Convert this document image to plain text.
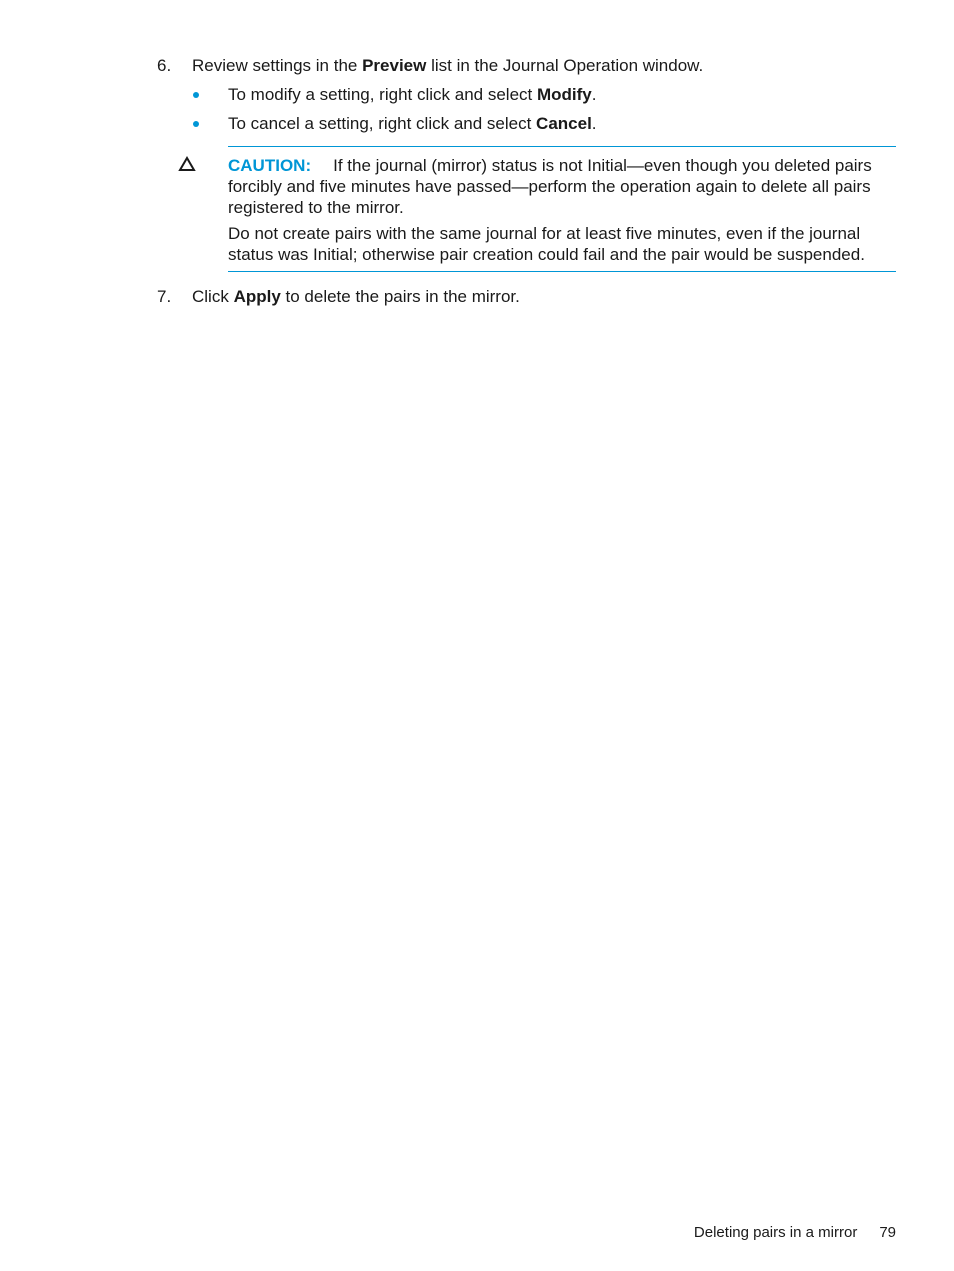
6. Review settings in the Preview list in the Journal Operation window.
To modify a setting, right click and select Modify.
To cancel a setting, right click and select Cancel.
CAUTION: If the journal (mirror) status is not Initial—even though you deleted pairs forcibly and five minutes have passed—perform the operation again to delete all pairs registered to the mirror.
Do not create pairs with the same journal for at least five minutes, even if the journal status was Initial; otherwise pair creation could fail and the pair would be suspended.
7. Click Apply to delete the pairs in the mirror.
Deleting pairs in a mirror 79
